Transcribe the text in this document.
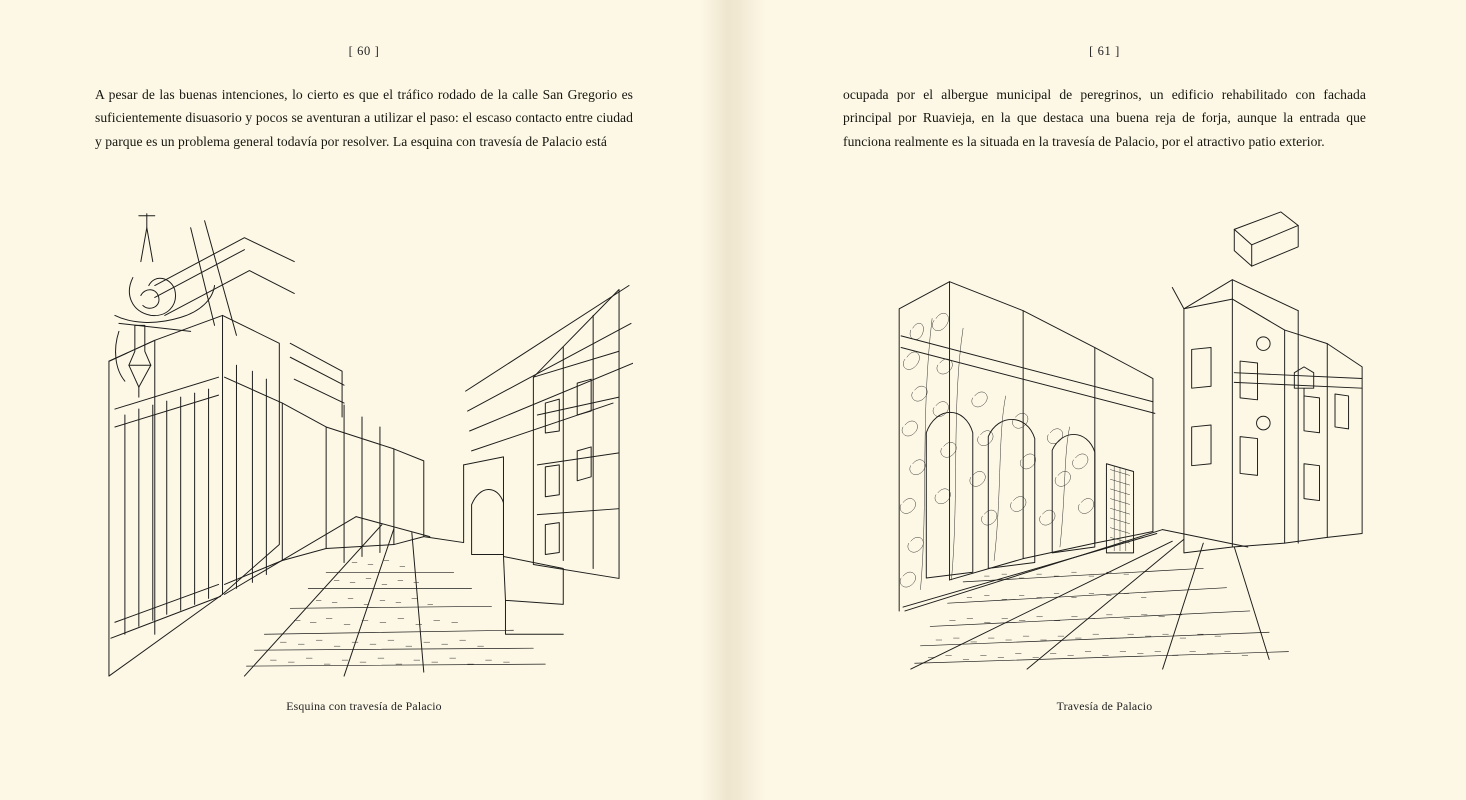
[ 60 ]
A pesar de las buenas intenciones, lo cierto es que el tráfico rodado de la calle San Gregorio es suficientemente disuasorio y pocos se aventuran a utilizar el paso: el escaso contacto entre ciudad y parque es un problema general todavía por resolver. La esquina con travesía de Palacio está
Esquina con travesía de Palacio
[ 61 ]
ocupada por el albergue municipal de peregrinos, un edificio rehabilitado con fachada principal por Ruavieja, en la que destaca una buena reja de forja, aunque la entrada que funciona realmente es la situada en la travesía de Palacio, por el atractivo patio exterior.
Travesía de Palacio
